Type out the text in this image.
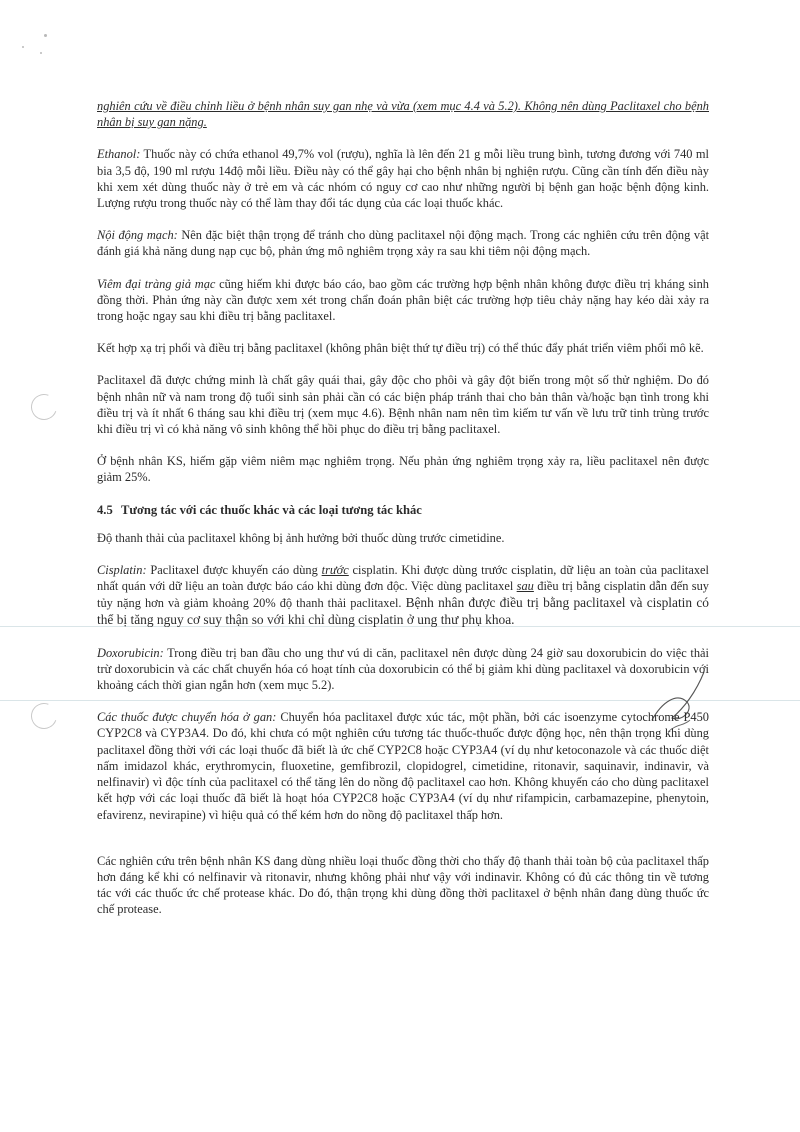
nghiên cứu về điều chỉnh liều ở bệnh nhân suy gan nhẹ và vừa (xem mục 4.4 và 5.2). Không nên dùng Paclitaxel cho bệnh nhân bị suy gan nặng.

Ethanol: Thuốc này có chứa ethanol 49,7% vol (rượu), nghĩa là lên đến 21 g mỗi liều trung bình, tương đương với 740 ml bia 3,5 độ, 190 ml rượu 14độ mỗi liều. Điều này có thể gây hại cho bệnh nhân bị nghiện rượu. Cũng cần tính đến điều này khi xem xét dùng thuốc này ở trẻ em và các nhóm có nguy cơ cao như những người bị bệnh gan hoặc bệnh động kinh. Lượng rượu trong thuốc này có thể làm thay đổi tác dụng của các loại thuốc khác.

Nội động mạch: Nên đặc biệt thận trọng để tránh cho dùng paclitaxel nội động mạch. Trong các nghiên cứu trên động vật đánh giá khả năng dung nạp cục bộ, phản ứng mô nghiêm trọng xảy ra sau khi tiêm nội động mạch.

Viêm đại tràng giả mạc cũng hiếm khi được báo cáo, bao gồm các trường hợp bệnh nhân không được điều trị kháng sinh đồng thời. Phản ứng này cần được xem xét trong chẩn đoán phân biệt các trường hợp tiêu chảy nặng hay kéo dài xảy ra trong hoặc ngay sau khi điều trị bằng paclitaxel.

Kết hợp xạ trị phổi và điều trị bằng paclitaxel (không phân biệt thứ tự điều trị) có thể thúc đẩy phát triển viêm phổi mô kẽ.

Paclitaxel đã được chứng minh là chất gây quái thai, gây độc cho phôi và gây đột biến trong một số thử nghiệm. Do đó bệnh nhân nữ và nam trong độ tuổi sinh sản phải cần có các biện pháp tránh thai cho bản thân và/hoặc bạn tình trong khi điều trị và ít nhất 6 tháng sau khi điều trị (xem mục 4.6). Bệnh nhân nam nên tìm kiếm tư vấn về lưu trữ tinh trùng trước khi điều trị vì có khả năng vô sinh không thể hồi phục do điều trị bằng paclitaxel.

Ở bệnh nhân KS, hiếm gặp viêm niêm mạc nghiêm trọng. Nếu phản ứng nghiêm trọng xảy ra, liều paclitaxel nên được giảm 25%.

4.5 Tương tác với các thuốc khác và các loại tương tác khác

Độ thanh thải của paclitaxel không bị ảnh hưởng bởi thuốc dùng trước cimetidine.

Cisplatin: Paclitaxel được khuyến cáo dùng trước cisplatin. Khi được dùng trước cisplatin, dữ liệu an toàn của paclitaxel nhất quán với dữ liệu an toàn được báo cáo khi dùng đơn độc. Việc dùng paclitaxel sau điều trị bằng cisplatin dẫn đến suy tủy nặng hơn và giảm khoảng 20% độ thanh thải paclitaxel. Bệnh nhân được điều trị bằng paclitaxel và cisplatin có thể bị tăng nguy cơ suy thận so với khi chỉ dùng cisplatin ở ung thư phụ khoa.

Doxorubicin: Trong điều trị ban đầu cho ung thư vú di căn, paclitaxel nên được dùng 24 giờ sau doxorubicin do việc thải trừ doxorubicin và các chất chuyển hóa có hoạt tính của doxorubicin có thể bị giảm khi dùng paclitaxel và doxorubicin với khoảng cách thời gian ngắn hơn (xem mục 5.2).

Các thuốc được chuyển hóa ở gan: Chuyển hóa paclitaxel được xúc tác, một phần, bởi các isoenzyme cytochrome P450 CYP2C8 và CYP3A4. Do đó, khi chưa có một nghiên cứu tương tác thuốc-thuốc được động học, nên thận trọng khi dùng paclitaxel đồng thời với các loại thuốc đã biết là ức chế CYP2C8 hoặc CYP3A4 (ví dụ như ketoconazole và các thuốc diệt nấm imidazol khác, erythromycin, fluoxetine, gemfibrozil, clopidogrel, cimetidine, ritonavir, saquinavir, indinavir, và nelfinavir) vì độc tính của paclitaxel có thể tăng lên do nồng độ paclitaxel cao hơn. Không khuyến cáo cho dùng paclitaxel kết hợp với các loại thuốc đã biết là hoạt hóa CYP2C8 hoặc CYP3A4 (ví dụ như rifampicin, carbamazepine, phenytoin, efavirenz, nevirapine) vì hiệu quả có thể kém hơn do nồng độ paclitaxel thấp hơn.

Các nghiên cứu trên bệnh nhân KS đang dùng nhiều loại thuốc đồng thời cho thấy độ thanh thải toàn bộ của paclitaxel thấp hơn đáng kể khi có nelfinavir và ritonavir, nhưng không phải như vậy với indinavir. Không có đủ các thông tin về tương tác với các thuốc ức chế protease khác. Do đó, thận trọng khi dùng đồng thời paclitaxel ở bệnh nhân đang dùng thuốc ức chế protease.
